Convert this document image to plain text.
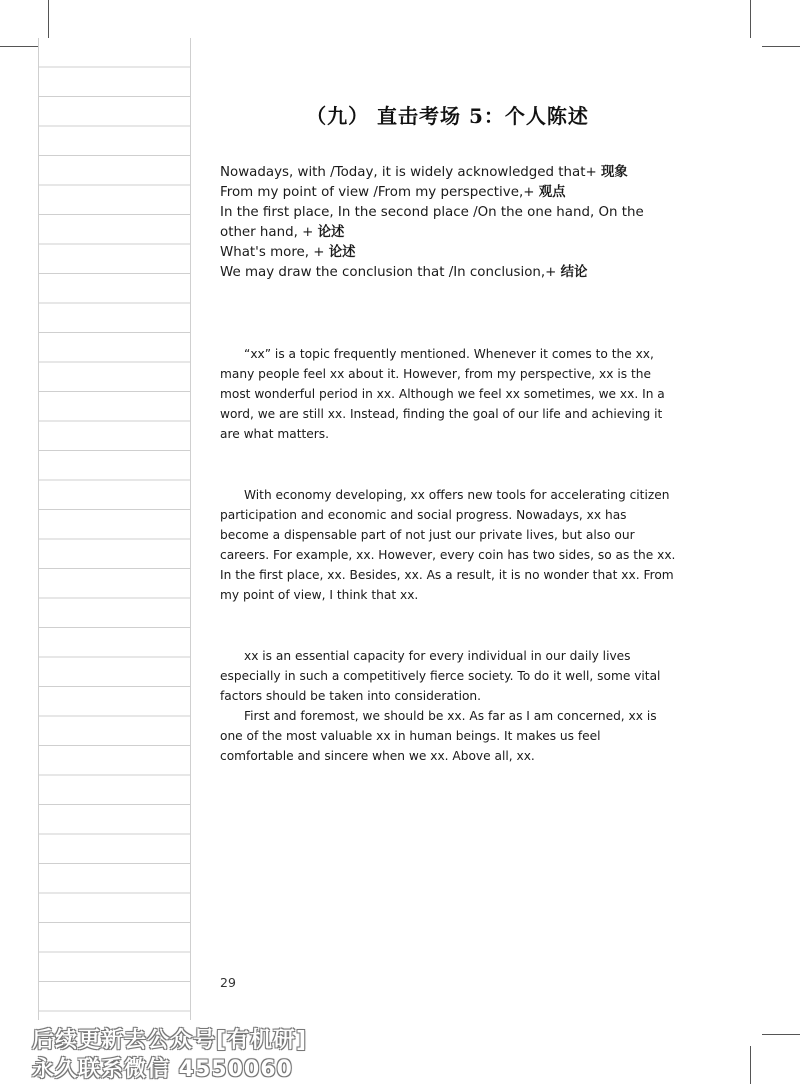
（九） 直击考场 5：个人陈述
Nowadays, with /Today, it is widely acknowledged that+ 现象
From my point of view /From my perspective,+ 观点
In the first place, In the second place /On the one hand, On the other hand, + 论述
What's more, + 论述
We may draw the conclusion that /In conclusion,+ 结论

“xx” is a topic frequently mentioned. Whenever it comes to the xx, many people feel xx about it. However, from my perspective, xx is the most wonderful period in xx. Although we feel xx sometimes, we xx. In a word, we are still xx. Instead, finding the goal of our life and achieving it are what matters.

With economy developing, xx offers new tools for accelerating citizen participation and economic and social progress. Nowadays, xx has become a dispensable part of not just our private lives, but also our careers. For example, xx. However, every coin has two sides, so as the xx. In the first place, xx. Besides, xx. As a result, it is no wonder that xx. From my point of view, I think that xx.

xx is an essential capacity for every individual in our daily lives especially in such a competitively fierce society. To do it well, some vital factors should be taken into consideration.

First and foremost, we should be xx. As far as I am concerned, xx is one of the most valuable xx in human beings. It makes us feel comfortable and sincere when we xx. Above all, xx.

29
后续更新去公众号[有机研]
永久联系微信 4550060
